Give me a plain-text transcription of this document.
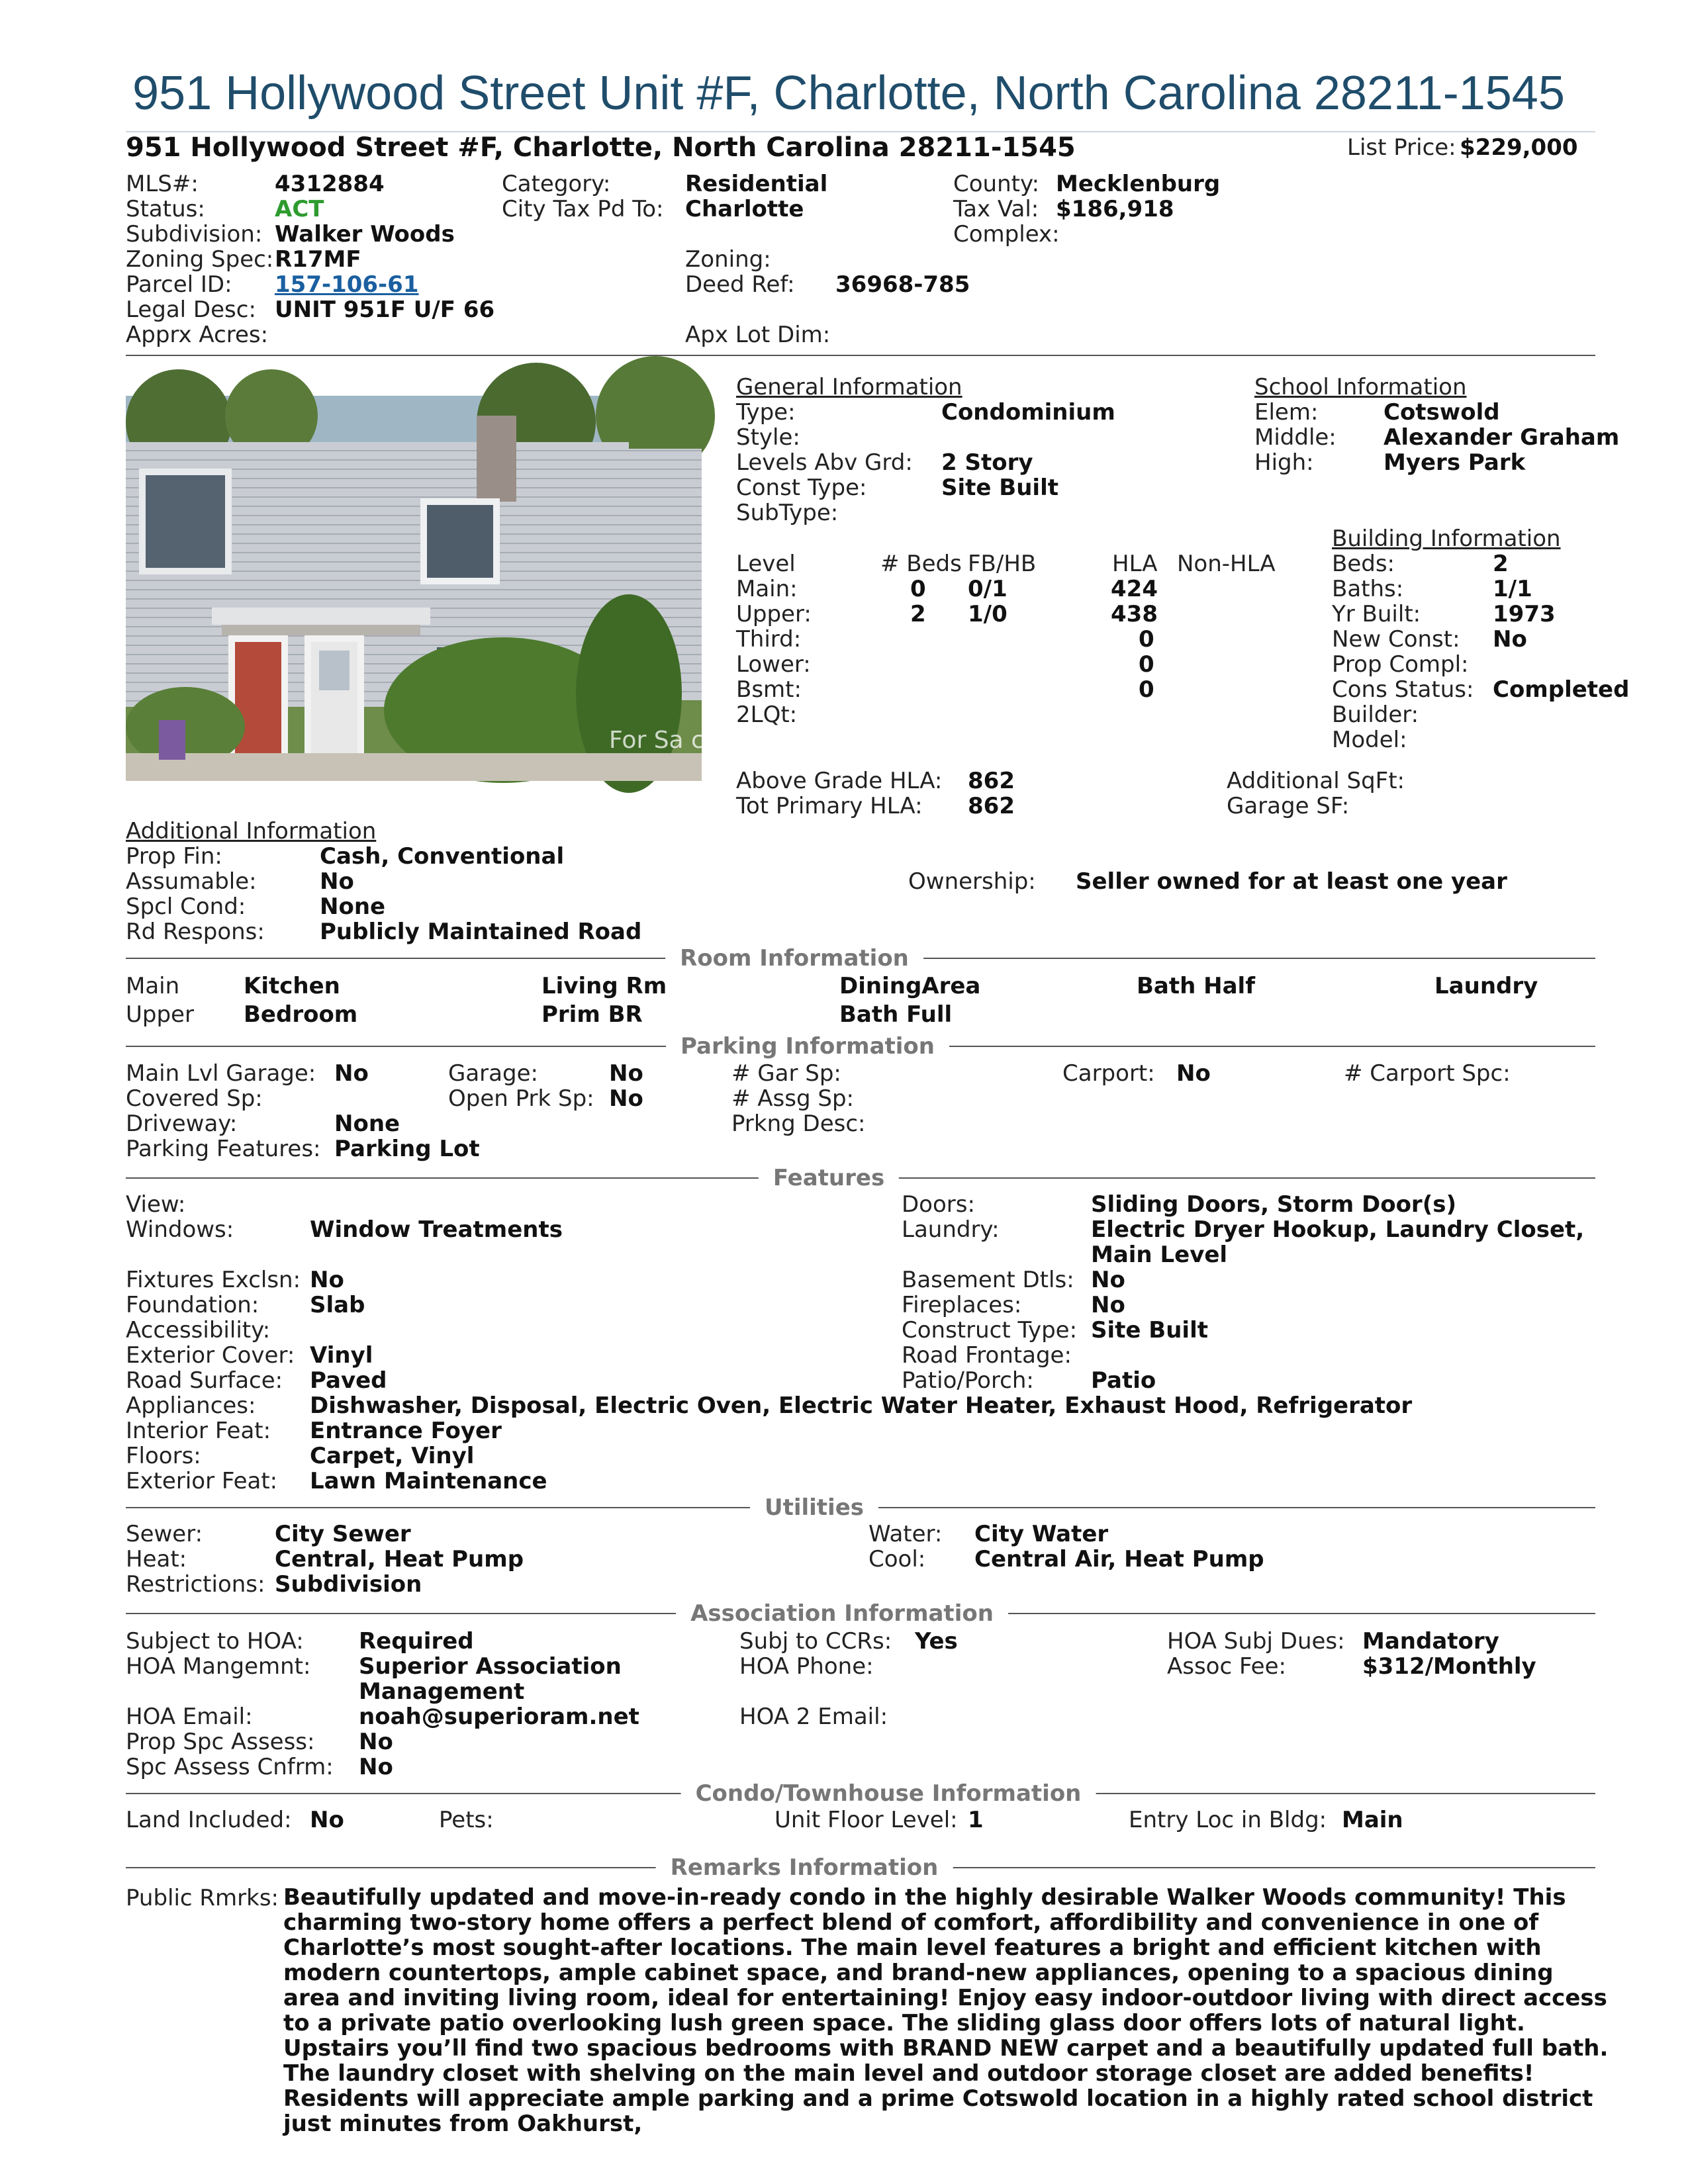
951 Hollywood Street Unit #F, Charlotte, North Carolina 28211-1545
951 Hollywood Street #F, Charlotte, North Carolina 28211-1545	List Price: $229,000
MLS#:	4312884
Status:	ACT
Subdivision: Walker Woods
Zoning Spec: R17MF
Parcel ID: 157-106-61
Legal Desc: UNIT 951F U/F 66
Apprx Acres:
Category:	Residential
City Tax Pd To: Charlotte
Zoning:
Deed Ref: 36968-785
Apx Lot Dim:
County: Mecklenburg
Tax Val: $186,918
Complex:
For Sa canopy
General Information
Type:	Condominium
Style:
Levels Abv Grd: 2 Story
Const Type:	Site Built
SubType:
School Information
Elem:	Cotswold
Middle: Alexander Graham
High:	Myers Park
Level	# Beds FB/HB	HLA Non-HLA
Main:	0 0/1	424
Upper:	2 1/0	438
Third:	0
Lower:	0
Bsmt:	0
2LQt:
Above Grade HLA: 862
Tot Primary HLA: 862
Building Information
Beds:	2
Baths:	1/1
Yr Built:	1973
New Const: No
Prop Compl:
Cons Status: Completed
Builder:
Model:
Additional SqFt:
Garage SF:
Additional Information
Prop Fin:	Cash, Conventional
Assumable:	No
Spcl Cond:	None
Rd Respons: Publicly Maintained Road
Ownership: Seller owned for at least one year
Room Information
Main	Kitchen	Living Rm	DiningArea	Bath Half	Laundry
Upper Bedroom	Prim BR	Bath Full
Parking Information
Main Lvl Garage: No
Covered Sp:
Driveway:	None
Parking Features: Parking Lot
Garage:	No
Open Prk Sp: No
# Gar Sp:
# Assg Sp:
Prkng Desc:
Carport: No	# Carport Spc:
Features
View:
Windows:	Window Treatments
Fixtures Exclsn: No
Foundation: Slab
Accessibility:
Exterior Cover: Vinyl
Road Surface: Paved
Appliances: Dishwasher, Disposal, Electric Oven, Electric Water Heater, Exhaust Hood, Refrigerator
Interior Feat: Entrance Foyer
Floors:	Carpet, Vinyl
Exterior Feat: Lawn Maintenance
Doors:	Sliding Doors, Storm Door(s)
Laundry:	Electric Dryer Hookup, Laundry Closet,
Main Level
Basement Dtls: No
Fireplaces:	No
Construct Type: Site Built
Road Frontage:
Patio/Porch:	Patio
Utilities
Sewer:	City Sewer
Heat:	Central, Heat Pump
Restrictions: Subdivision
Water: City Water
Cool: Central Air, Heat Pump
Association Information
Subject to HOA: Required
HOA Mangemnt: Superior Association
Management
HOA Email:	noah@superioram.net
Prop Spc Assess: No
Spc Assess Cnfrm: No
Subj to CCRs: Yes
HOA Phone:
HOA 2 Email:
HOA Subj Dues: Mandatory
Assoc Fee:	$312/Monthly
Condo/Townhouse Information
Land Included: No	Pets:	Unit Floor Level: 1	Entry Loc in Bldg: Main
Remarks Information
Public Rmrks: Beautifully updated and move-in-ready condo in the highly desirable Walker Woods community! This charming two-story home offers a perfect blend of comfort, affordibility and convenience in one of Charlotte’s most sought-after locations. The main level features a bright and efficient kitchen with modern countertops, ample cabinet space, and brand-new appliances, opening to a spacious dining area and inviting living room, ideal for entertaining! Enjoy easy indoor-outdoor living with direct access to a private patio overlooking lush green space. The sliding glass door offers lots of natural light. Upstairs you’ll find two spacious bedrooms with BRAND NEW carpet and a beautifully updated full bath. The laundry closet with shelving on the main level and outdoor storage closet are added benefits! Residents will appreciate ample parking and a prime Cotswold location in a highly rated school district just minutes from Oakhurst,
